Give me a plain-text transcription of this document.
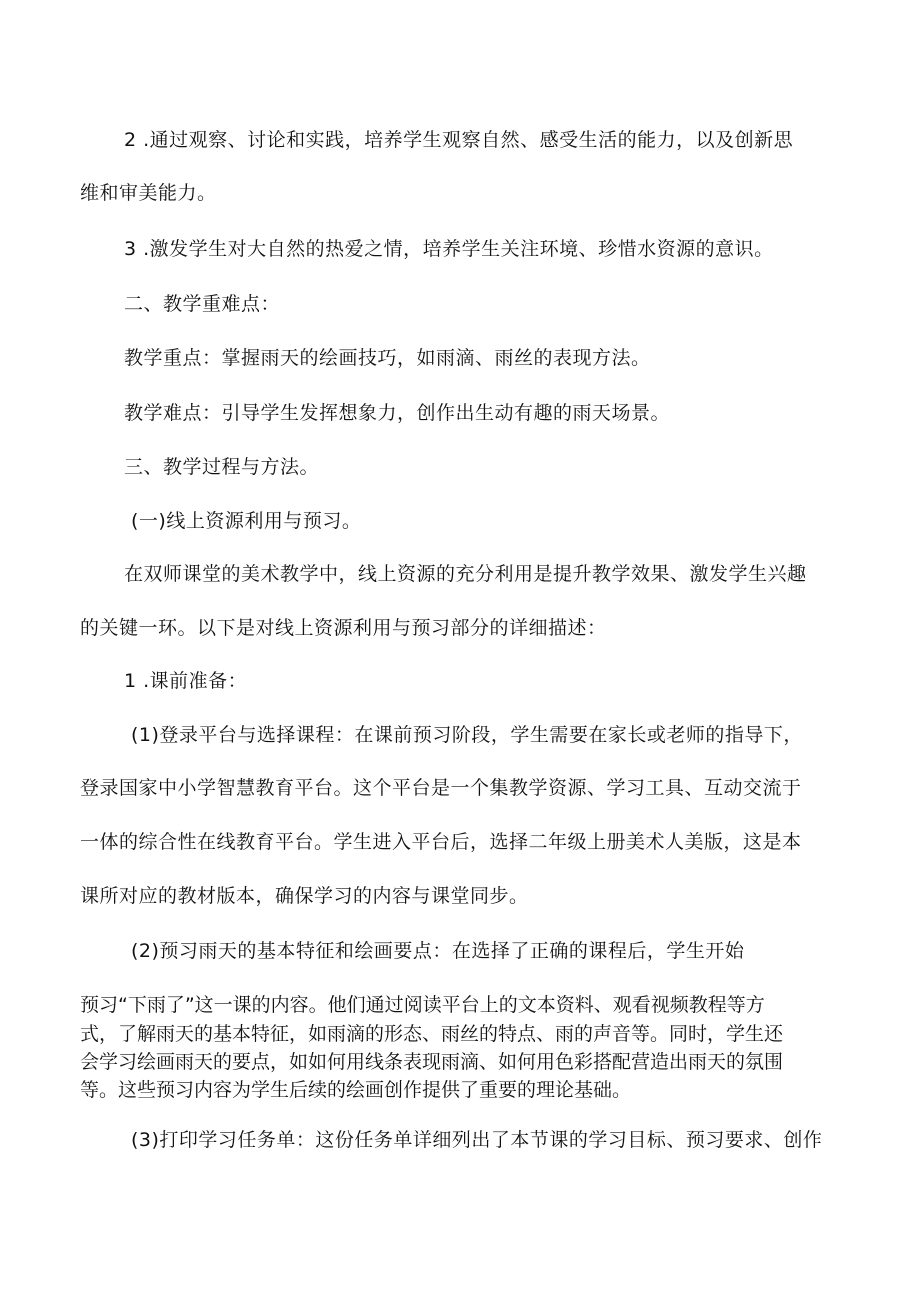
2 .通过观察、讨论和实践，培养学生观察自然、感受生活的能力，以及创新思
维和审美能力。
3 .激发学生对大自然的热爱之情，培养学生关注环境、珍惜水资源的意识。
二、教学重难点：
教学重点：掌握雨天的绘画技巧，如雨滴、雨丝的表现方法。
教学难点：引导学生发挥想象力，创作出生动有趣的雨天场景。
三、教学过程与方法。
(一)线上资源利用与预习。
在双师课堂的美术教学中，线上资源的充分利用是提升教学效果、激发学生兴趣
的关键一环。以下是对线上资源利用与预习部分的详细描述：
1 .课前准备：
(1)登录平台与选择课程：在课前预习阶段，学生需要在家长或老师的指导下，
登录国家中小学智慧教育平台。这个平台是一个集教学资源、学习工具、互动交流于
一体的综合性在线教育平台。学生进入平台后，选择二年级上册美术人美版，这是本
课所对应的教材版本，确保学习的内容与课堂同步。
(2)预习雨天的基本特征和绘画要点：在选择了正确的课程后，学生开始
预习“下雨了”这一课的内容。他们通过阅读平台上的文本资料、观看视频教程等方
式，了解雨天的基本特征，如雨滴的形态、雨丝的特点、雨的声音等。同时，学生还
会学习绘画雨天的要点，如如何用线条表现雨滴、如何用色彩搭配营造出雨天的氛围
等。这些预习内容为学生后续的绘画创作提供了重要的理论基础。
(3)打印学习任务单：这份任务单详细列出了本节课的学习目标、预习要求、创作
